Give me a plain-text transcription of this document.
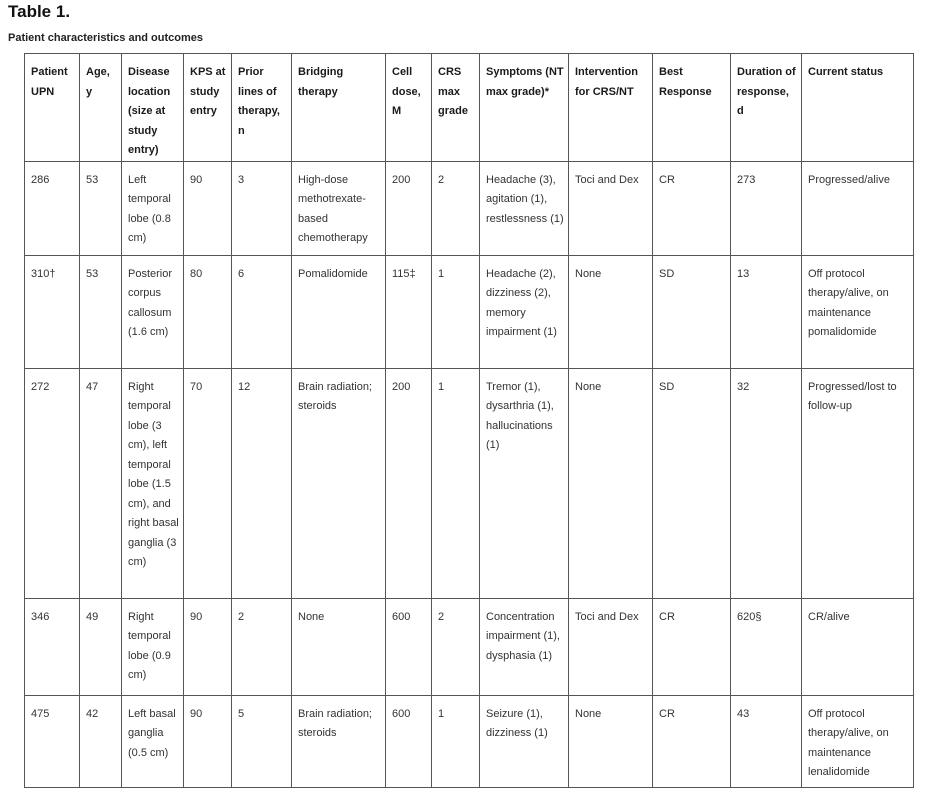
Table 1.
Patient characteristics and outcomes
Patient UPN	Age, y	Disease location (size at study entry)	KPS at study entry	Prior lines of therapy, n	Bridging therapy	Cell dose, M	CRS max grade	Symptoms (NT max grade)*	Intervention for CRS/NT	Best Response	Duration of response, d	Current status
286	53	Left temporal lobe (0.8 cm)	90	3	High-dose methotrexate-based chemotherapy	200	2	Headache (3), agitation (1), restlessness (1)	Toci and Dex	CR	273	Progressed/alive
310†	53	Posterior corpus callosum (1.6 cm)	80	6	Pomalidomide	115‡	1	Headache (2), dizziness (2), memory impairment (1)	None	SD	13	Off protocol therapy/alive, on maintenance pomalidomide
272	47	Right temporal lobe (3 cm), left temporal lobe (1.5 cm), and right basal ganglia (3 cm)	70	12	Brain radiation; steroids	200	1	Tremor (1), dysarthria (1), hallucinations (1)	None	SD	32	Progressed/lost to follow-up
346	49	Right temporal lobe (0.9 cm)	90	2	None	600	2	Concentration impairment (1), dysphasia (1)	Toci and Dex	CR	620§	CR/alive
475	42	Left basal ganglia (0.5 cm)	90	5	Brain radiation; steroids	600	1	Seizure (1), dizziness (1)	None	CR	43	Off protocol therapy/alive, on maintenance lenalidomide
